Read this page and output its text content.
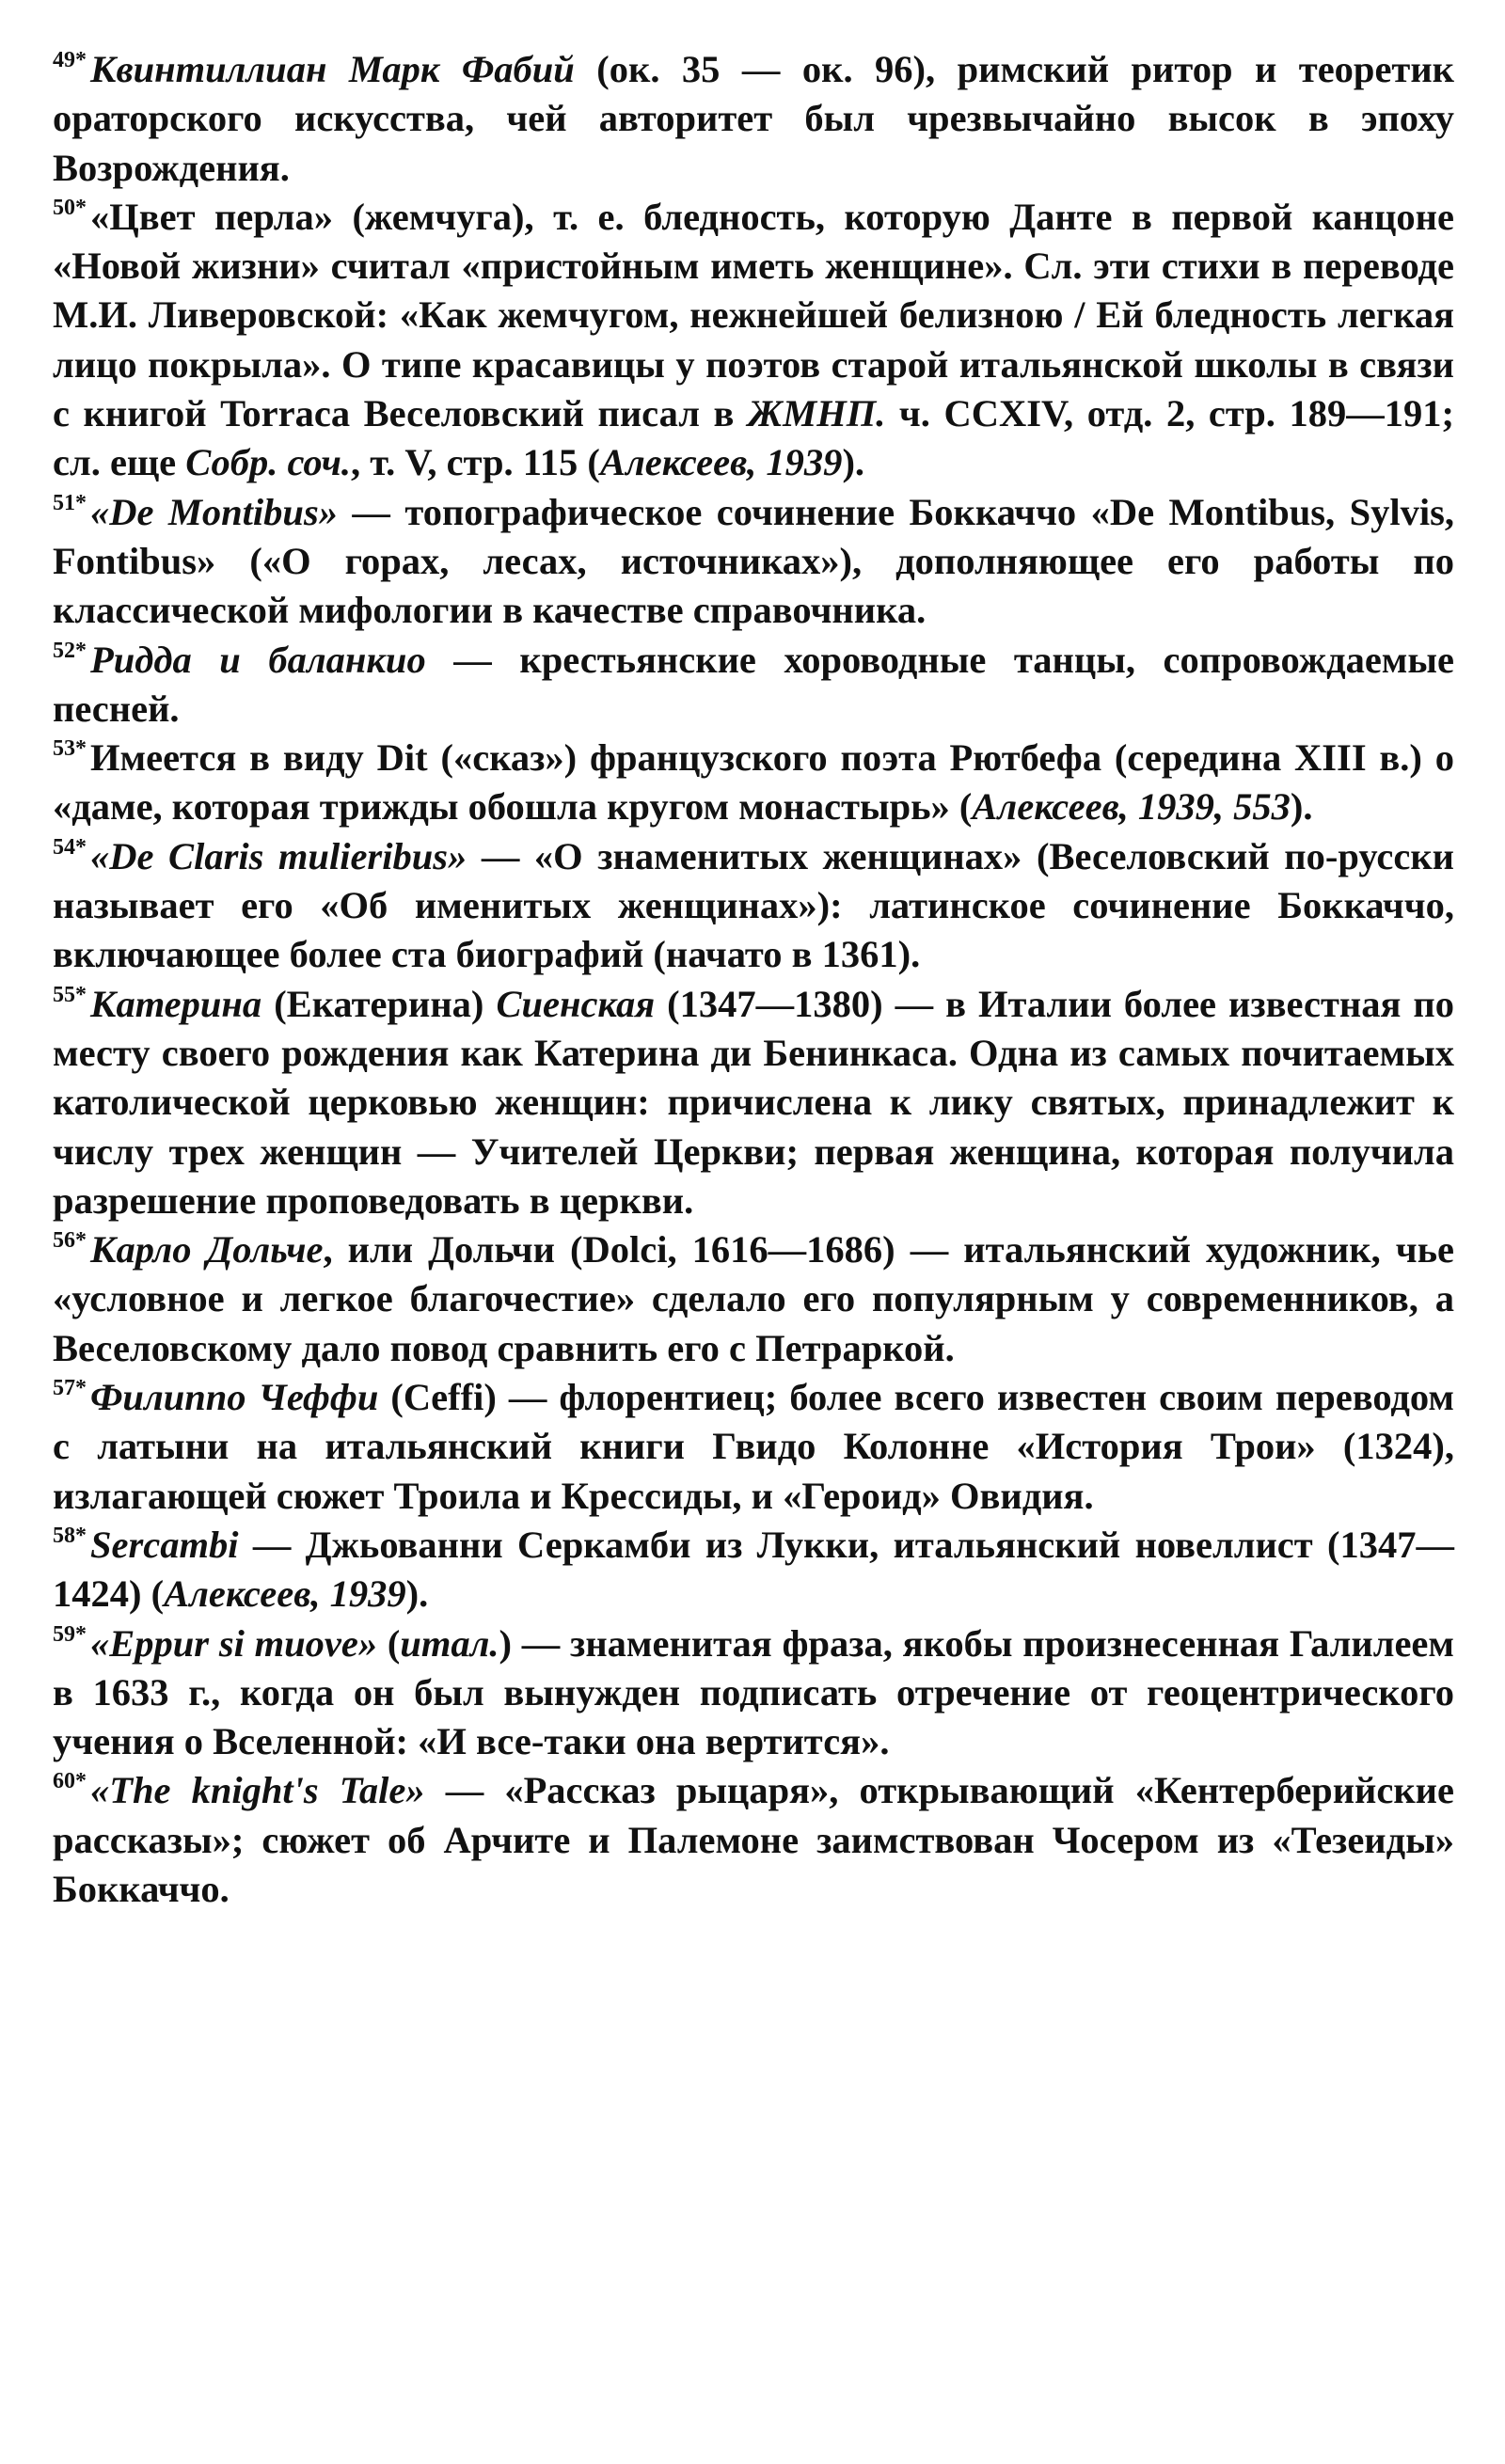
$^{49*}$Квинтиллиан Марк Фабий (ок. 35 — ок. 96), римский ритор и теоретик ораторского искусства, чей авторитет был чрезвычайно высок в эпоху Возрождения.

$^{50*}$«Цвет перла» (жемчуга), т. е. бледность, которую Данте в первой канцоне «Новой жизни» считал «пристойным иметь женщине». Сл. эти стихи в переводе М.И. Ливеровской: «Как жемчугом, нежнейшей белизною / Ей бледность легкая лицо покрыла». О типе красавицы у поэтов старой итальянской школы в связи с книгой Torraca Веселовский писал в ЖМНП. ч. CCXIV, отд. 2, стр. 189—191; сл. еще Собр. соч., т. V, стр. 115 (Алексеев, 1939).

$^{51*}$«De Montibus» — топографическое сочинение Боккаччо «De Montibus, Sylvis, Fontibus» («О горах, лесах, источниках»), дополняющее его работы по классической мифологии в качестве справочника.

$^{52*}$Ридда и баланкио — крестьянские хороводные танцы, сопровождаемые песней.

$^{53*}$Имеется в виду Dit («сказ») французского поэта Рютбефа (середина XIII в.) о «даме, которая трижды обошла кругом монастырь» (Алексеев, 1939, 553).

$^{54*}$«De Claris mulieribus» — «О знаменитых женщинах» (Веселовский по-русски называет его «Об именитых женщинах»): латинское сочинение Боккаччо, включающее более ста биографий (начато в 1361).

$^{55*}$Катерина (Екатерина) Сиенская (1347—1380) — в Италии более известная по месту своего рождения как Катерина ди Бенинкаса. Одна из самых почитаемых католической церковью женщин: причислена к лику святых, принадлежит к числу трех женщин — Учителей Церкви; первая женщина, которая получила разрешение проповедовать в церкви.

$^{56*}$Карло Дольче, или Дольчи (Dolci, 1616—1686) — итальянский художник, чье «условное и легкое благочестие» сделало его популярным у современников, а Веселовскому дало повод сравнить его с Петраркой.

$^{57*}$Филиппо Чеффи (Ceffi) — флорентиец; более всего известен своим переводом с латыни на итальянский книги Гвидо Колонне «История Трои» (1324), излагающей сюжет Троила и Крессиды, и «Героид» Овидия.

$^{58*}$Sercambi — Джьованни Серкамби из Лукки, итальянский новеллист (1347—1424) (Алексеев, 1939).

$^{59*}$«Eppur si muove» (итал.) — знаменитая фраза, якобы произнесенная Галилеем в 1633 г., когда он был вынужден подписать отречение от геоцентрического учения о Вселенной: «И все-таки она вертится».

$^{60*}$«The knight's Tale» — «Рассказ рыцаря», открывающий «Кентерберийские рассказы»; сюжет об Арчите и Палемоне заимствован Чосером из «Тезеиды» Боккаччо.
